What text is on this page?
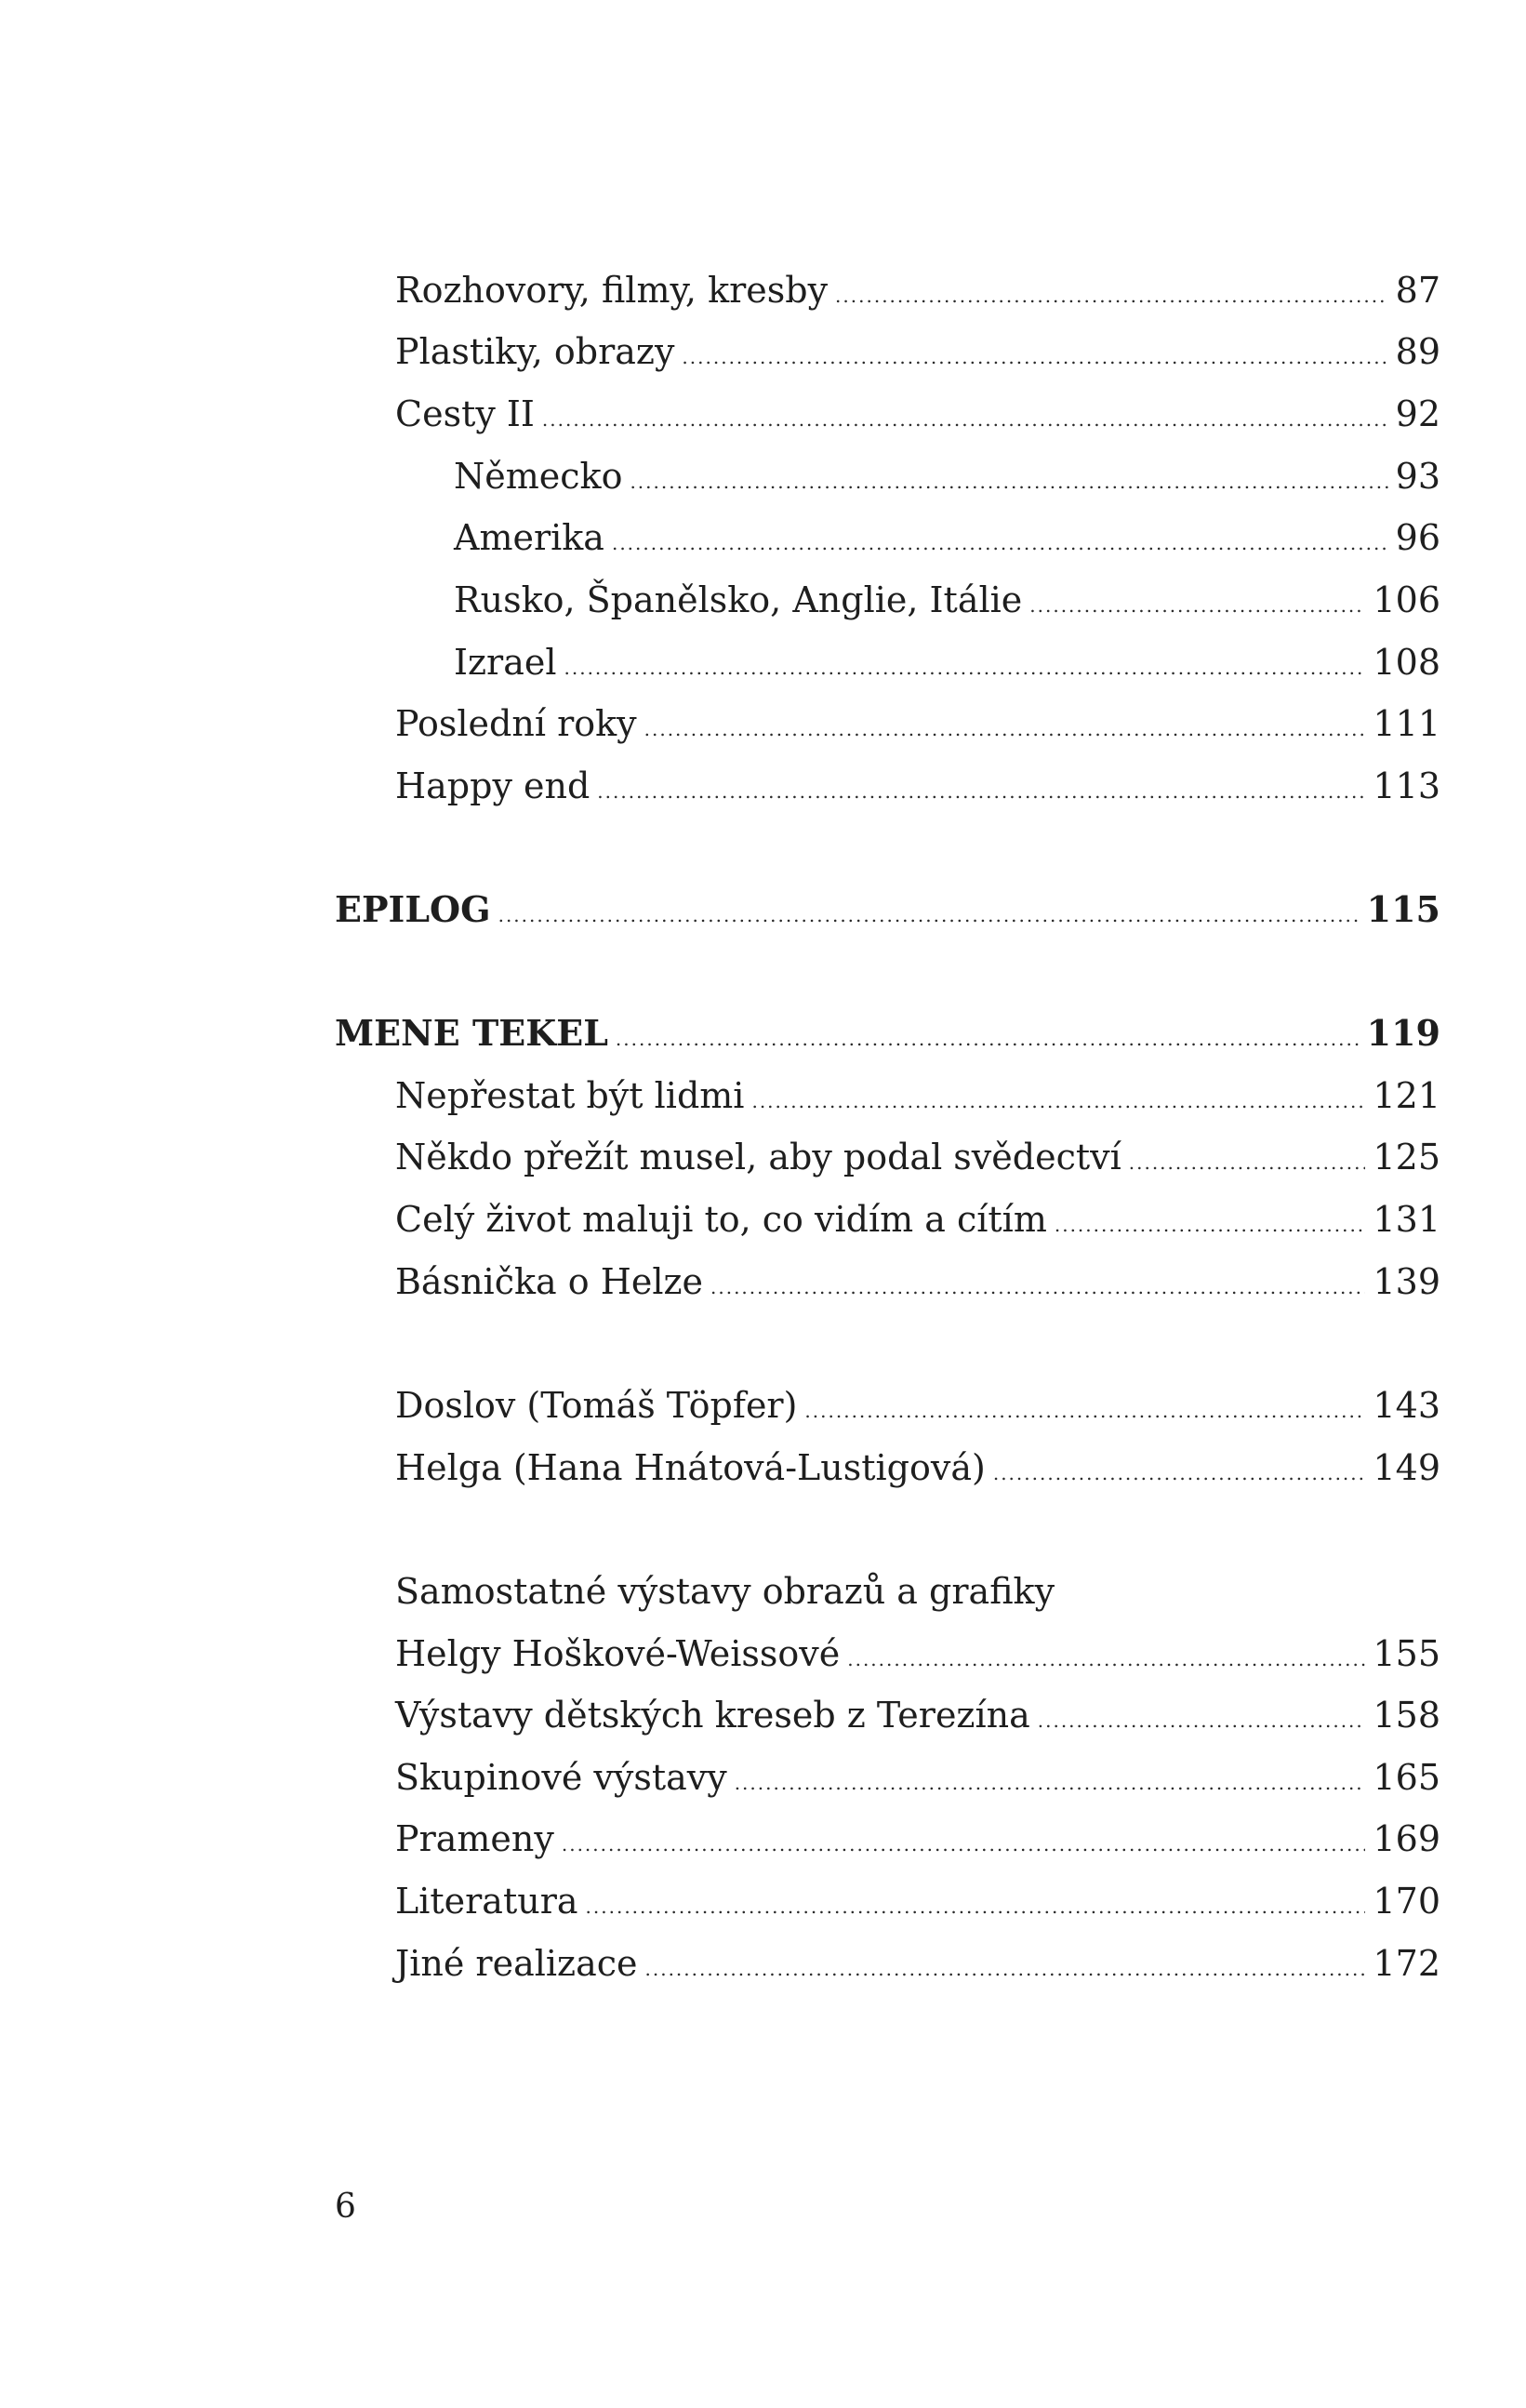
Rozhovory, filmy, kresby .....	87
Plastiky, obrazy .....	89
Cesty II .....	92
Německo .....	93
Amerika .....	96
Rusko, Španělsko, Anglie, Itálie .....	106
Izrael .....	108
Poslední roky .....	111
Happy end .....	113
EPILOG .....	115
MENE TEKEL .....	119
Nepřestat být lidmi .....	121
Někdo přežít musel, aby podal svědectví .....	125
Celý život maluji to, co vidím a cítím .....	131
Básnička o Helze .....	139
Doslov (Tomáš Töpfer) .....	143
Helga (Hana Hnátová-Lustigová) .....	149
Samostatné výstavy obrazů a grafiky
Helgy Hoškové-Weissové .....	155
Výstavy dětských kreseb z Terezína .....	158
Skupinové výstavy .....	165
Prameny .....	169
Literatura .....	170
Jiné realizace .....	172
6
